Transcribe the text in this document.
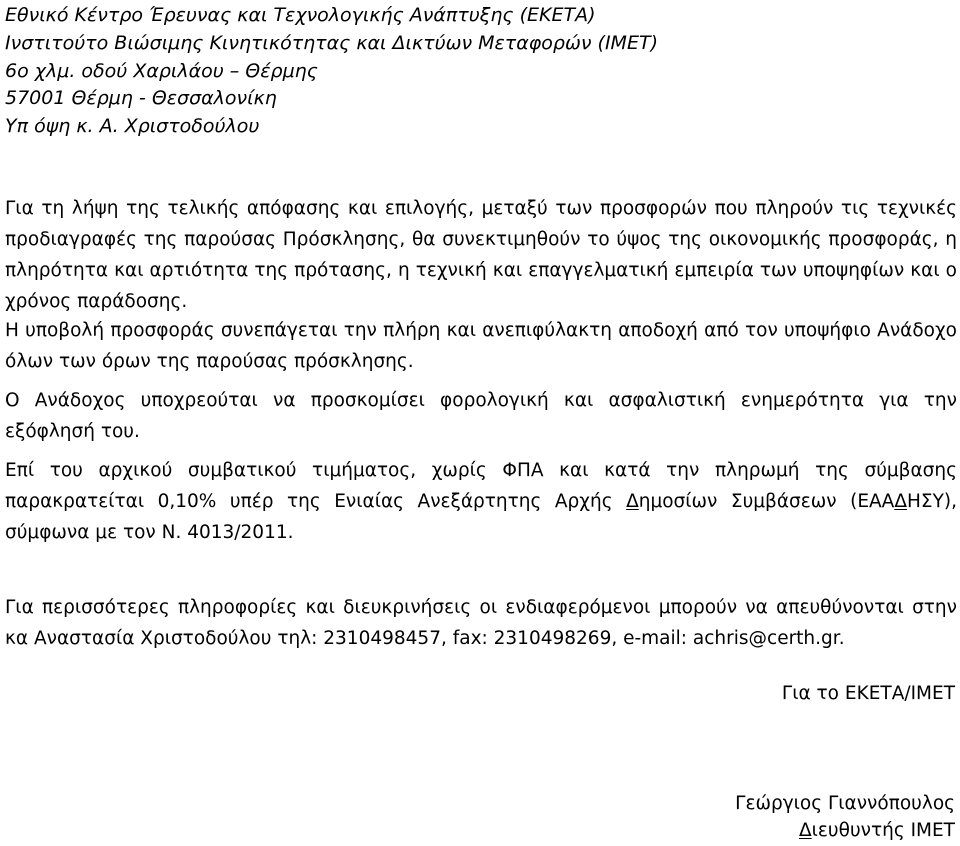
Εθνικό Κέντρο Έρευνας και Τεχνολογικής Ανάπτυξης (ΕΚΕΤΑ)
Ινστιτούτο Βιώσιμης Κινητικότητας και Δικτύων Μεταφορών (ΙΜΕΤ)
6ο χλμ. οδού Χαριλάου – Θέρμης
57001 Θέρμη - Θεσσαλονίκη
Υπ όψη κ. Α. Χριστοδούλου

Για τη λήψη της τελικής απόφασης και επιλογής, μεταξύ των προσφορών που πληρούν τις τεχνικές προδιαγραφές της παρούσας Πρόσκλησης, θα συνεκτιμηθούν το ύψος της οικονομικής προσφοράς, η πληρότητα και αρτιότητα της πρότασης, η τεχνική και επαγγελματική εμπειρία των υποψηφίων και ο χρόνος παράδοσης.

Η υποβολή προσφοράς συνεπάγεται την πλήρη και ανεπιφύλακτη αποδοχή από τον υποψήφιο Ανάδοχο όλων των όρων της παρούσας πρόσκλησης.

Ο Ανάδοχος υποχρεούται να προσκομίσει φορολογική και ασφαλιστική ενημερότητα για την εξόφλησή του.

Επί του αρχικού συμβατικού τιμήματος, χωρίς ΦΠΑ και κατά την πληρωμή της σύμβασης παρακρατείται 0,10% υπέρ της Ενιαίας Ανεξάρτητης Αρχής Δημοσίων Συμβάσεων (ΕΑΑΔΗΣΥ), σύμφωνα με τον Ν. 4013/2011.

Για περισσότερες πληροφορίες και διευκρινήσεις οι ενδιαφερόμενοι μπορούν να απευθύνονται στην κα Αναστασία Χριστοδούλου τηλ: 2310498457, fax: 2310498269, e-mail: achris@certh.gr.

Για το ΕΚΕΤΑ/ΙΜΕΤ
Γεώργιος Γιαννόπουλος
Διευθυντής ΙΜΕΤ
